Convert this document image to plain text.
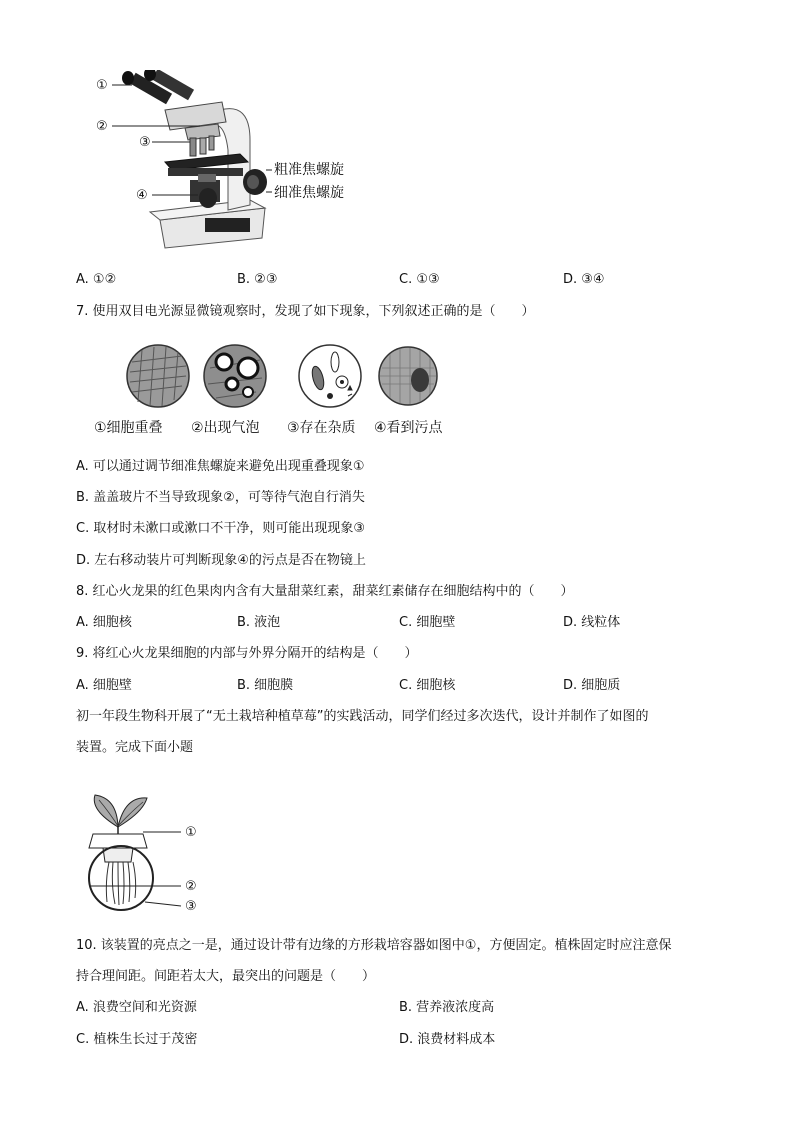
①
②
③
④
粗准焦螺旋
细准焦螺旋
A. ①②	B. ②③	C. ①③	D. ③④
7. 使用双目电光源显微镜观察时，发现了如下现象，下列叙述正确的是（　　）
①细胞重叠 ②出现气泡 ③存在杂质 ④看到污点
A. 可以通过调节细准焦螺旋来避免出现重叠现象①
B. 盖盖玻片不当导致现象②，可等待气泡自行消失
C. 取材时未漱口或漱口不干净，则可能出现现象③
D. 左右移动装片可判断现象④的污点是否在物镜上
8. 红心火龙果的红色果肉内含有大量甜菜红素，甜菜红素储存在细胞结构中的（　　）
A. 细胞核	B. 液泡	C. 细胞壁	D. 线粒体
9. 将红心火龙果细胞的内部与外界分隔开的结构是（　　）
A. 细胞壁	B. 细胞膜	C. 细胞核	D. 细胞质
初一年段生物科开展了“无土栽培种植草莓”的实践活动，同学们经过多次迭代，设计并制作了如图的
装置。完成下面小题
①
②
③
10. 该装置的亮点之一是，通过设计带有边缘的方形栽培容器如图中①，方便固定。植株固定时应注意保
持合理间距。间距若太大，最突出的问题是（　　）
A. 浪费空间和光资源	B. 营养液浓度高
C. 植株生长过于茂密	D. 浪费材料成本
